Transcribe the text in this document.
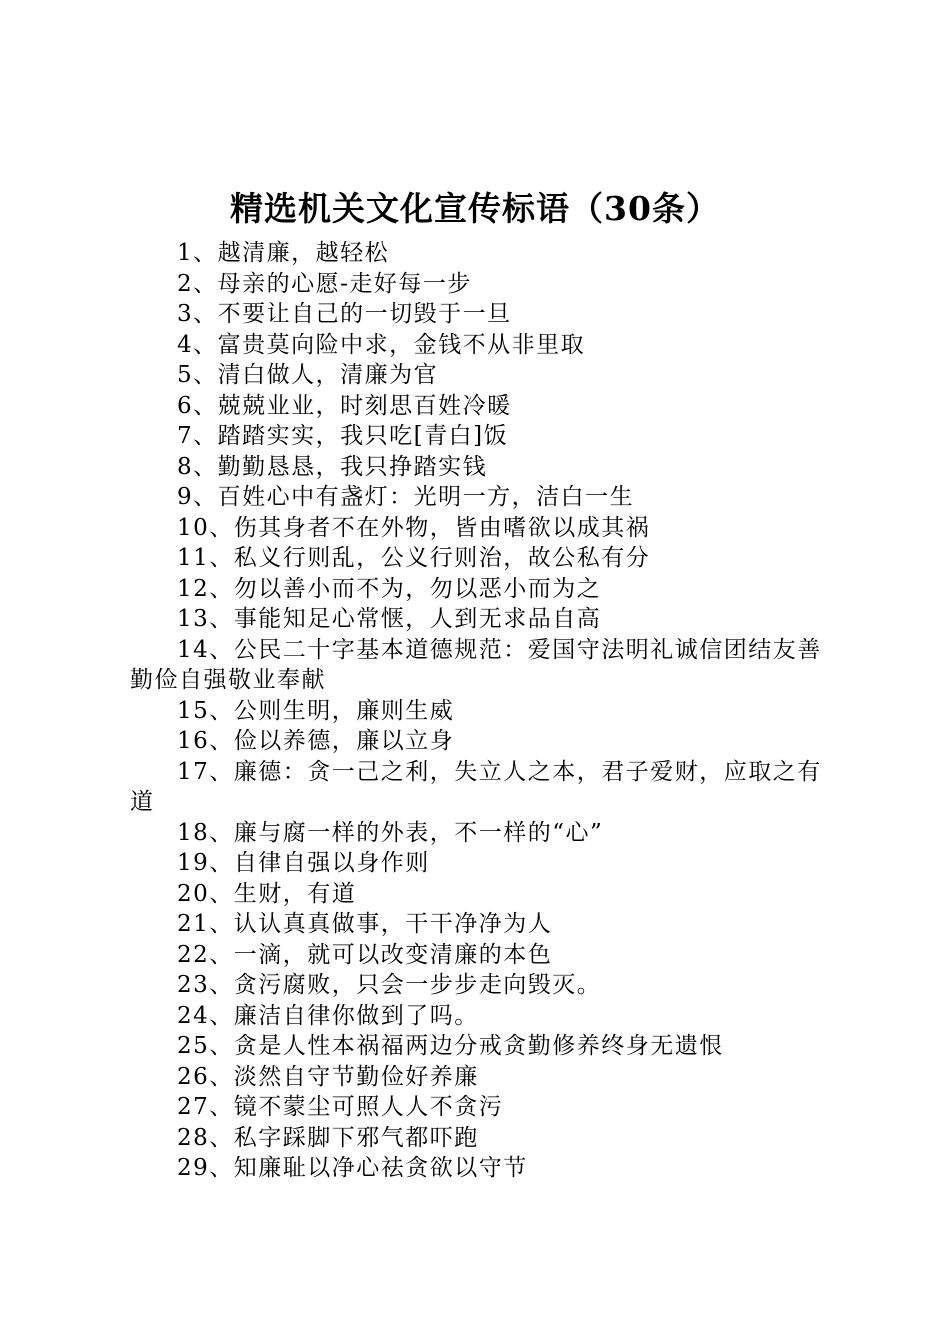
精选机关文化宣传标语（30条）

1、越清廉，越轻松

2、母亲的心愿-走好每一步

3、不要让自己的一切毁于一旦

4、富贵莫向险中求，金钱不从非里取

5、清白做人，清廉为官

6、兢兢业业，时刻思百姓冷暖

7、踏踏实实，我只吃[青白]饭

8、勤勤恳恳，我只挣踏实钱

9、百姓心中有盏灯：光明一方，洁白一生

10、伤其身者不在外物，皆由嗜欲以成其祸

11、私义行则乱，公义行则治，故公私有分

12、勿以善小而不为，勿以恶小而为之

13、事能知足心常惬，人到无求品自高

14、公民二十字基本道德规范：爱国守法明礼诚信团结友善勤俭自强敬业奉献

15、公则生明，廉则生威

16、俭以养德，廉以立身

17、廉德：贪一己之利，失立人之本，君子爱财，应取之有道

18、廉与腐一样的外表，不一样的“心”

19、自律自强以身作则

20、生财，有道

21、认认真真做事，干干净净为人

22、一滴，就可以改变清廉的本色

23、贪污腐败，只会一步步走向毁灭。

24、廉洁自律你做到了吗。

25、贪是人性本祸福两边分戒贪勤修养终身无遗恨

26、淡然自守节勤俭好养廉

27、镜不蒙尘可照人人不贪污

28、私字踩脚下邪气都吓跑

29、知廉耻以净心祛贪欲以守节
